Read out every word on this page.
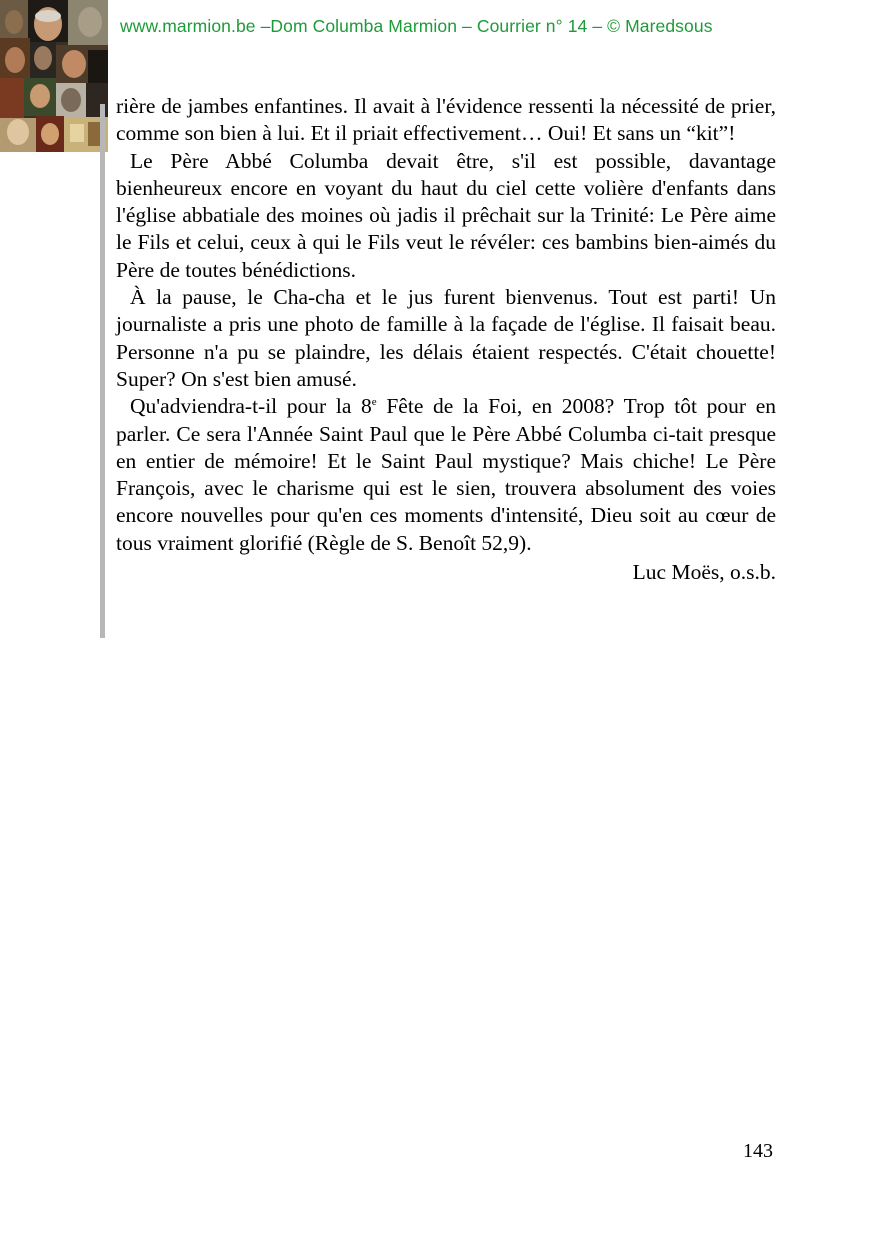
www.marmion.be –Dom Columba Marmion – Courrier n° 14 – © Maredsous

rière de jambes enfantines. Il avait à l'évidence ressenti la nécessité de prier, comme son bien à lui. Et il priait effectivement… Oui! Et sans un “kit”!

Le Père Abbé Columba devait être, s'il est possible, davantage bienheureux encore en voyant du haut du ciel cette volière d'enfants dans l'église abbatiale des moines où jadis il prêchait sur la Trinité: Le Père aime le Fils et celui, ceux à qui le Fils veut le révéler: ces bambins bien-aimés du Père de toutes bénédictions.

À la pause, le Cha-cha et le jus furent bienvenus. Tout est parti! Un journaliste a pris une photo de famille à la façade de l'église. Il faisait beau. Personne n'a pu se plaindre, les délais étaient respectés. C'était chouette! Super? On s'est bien amusé.

Qu'adviendra-t-il pour la 8e Fête de la Foi, en 2008? Trop tôt pour en parler. Ce sera l'Année Saint Paul que le Père Abbé Columba ci-tait presque en entier de mémoire! Et le Saint Paul mystique? Mais chiche! Le Père François, avec le charisme qui est le sien, trouvera absolument des voies encore nouvelles pour qu'en ces moments d'intensité, Dieu soit au cœur de tous vraiment glorifié (Règle de S. Benoît 52,9).

Luc Moës, o.s.b.
143
